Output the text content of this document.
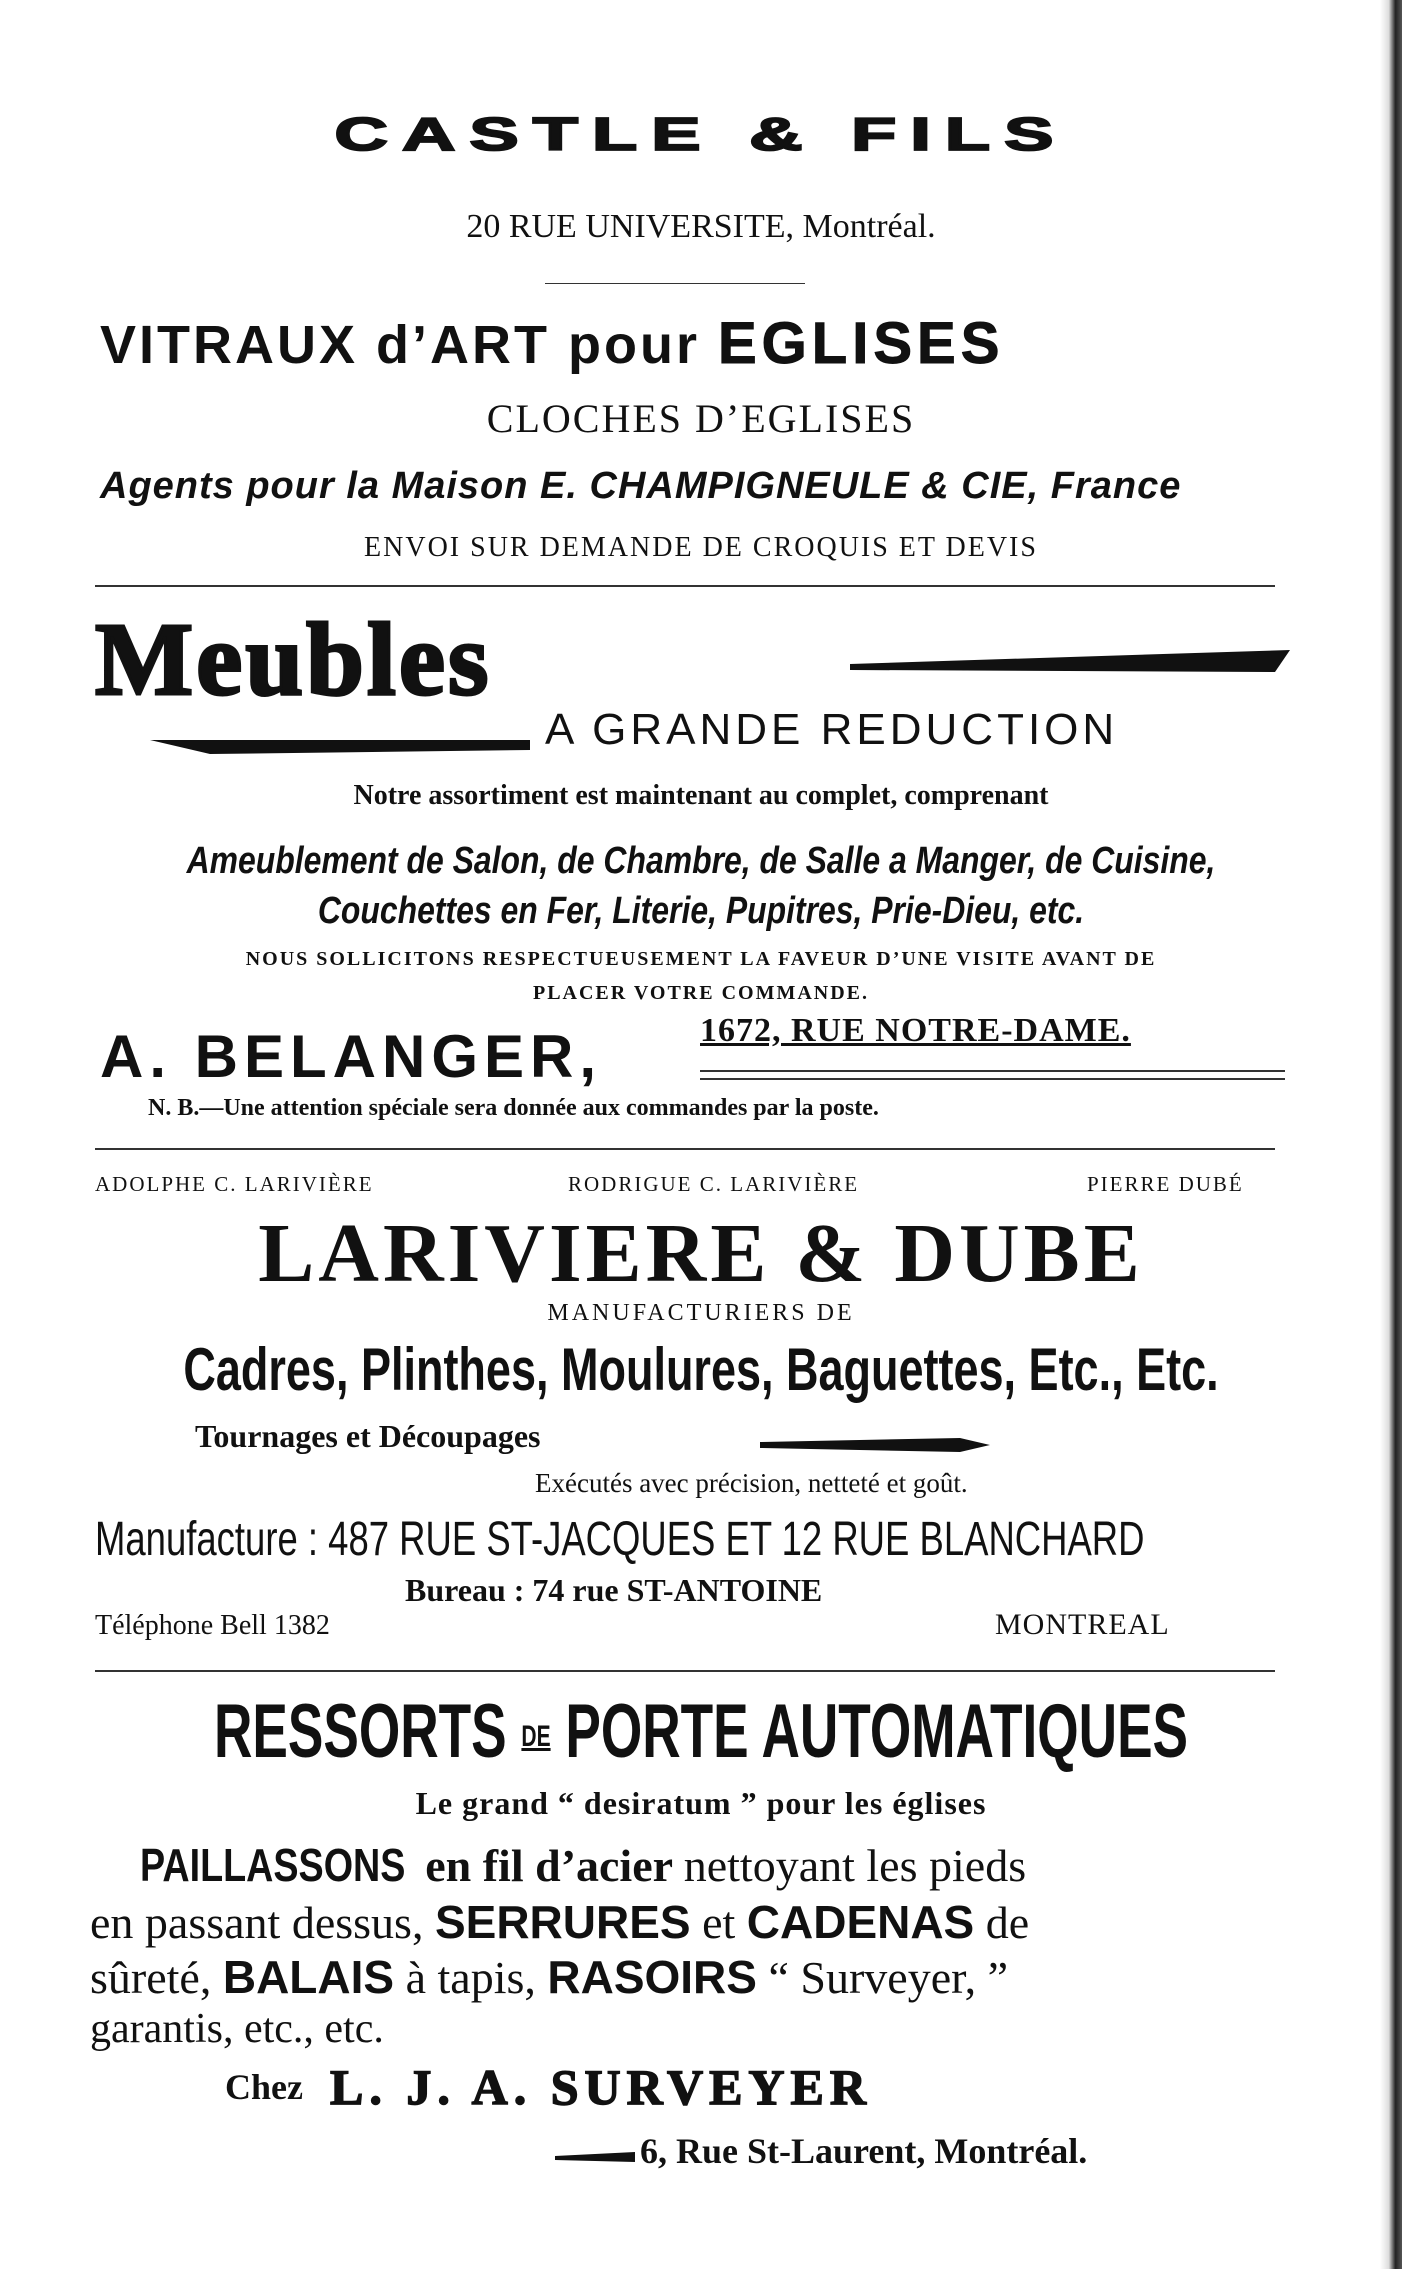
CASTLE & FILS
20 RUE UNIVERSITE, Montréal.
VITRAUX d’ART pour EGLISES
CLOCHES D’EGLISES
Agents pour la Maison E. CHAMPIGNEULE & CIE, France
ENVOI SUR DEMANDE DE CROQUIS ET DEVIS
Meubles
A GRANDE REDUCTION
Notre assortiment est maintenant au complet, comprenant
Ameublement de Salon, de Chambre, de Salle a Manger, de Cuisine,
Couchettes en Fer, Literie, Pupitres, Prie-Dieu, etc.
NOUS SOLLICITONS RESPECTUEUSEMENT LA FAVEUR D’UNE VISITE AVANT DE
PLACER VOTRE COMMANDE.
A. BELANGER,	1672, RUE NOTRE-DAME.
N. B.—Une attention spéciale sera donnée aux commandes par la poste.
ADOLPHE C. LARIVIÈRE	RODRIGUE C. LARIVIÈRE	PIERRE DUBÉ
LARIVIERE & DUBE
MANUFACTURIERS DE
Cadres, Plinthes, Moulures, Baguettes, Etc., Etc.
Tournages et Découpages
Exécutés avec précision, netteté et goût.
Manufacture : 487 RUE ST-JACQUES ET 12 RUE BLANCHARD
Bureau : 74 rue ST-ANTOINE
Téléphone Bell 1382	MONTREAL
RESSORTS DE PORTE AUTOMATIQUES
Le grand “ desiratum ” pour les églises
PAILLASSONS en fil d’acier nettoyant les pieds
en passant dessus, SERRURES et CADENAS de
sûreté, BALAIS à tapis, RASOIRS “ Surveyer, ”
garantis, etc., etc.
Chez L. J. A. SURVEYER
6, Rue St-Laurent, Montréal.
